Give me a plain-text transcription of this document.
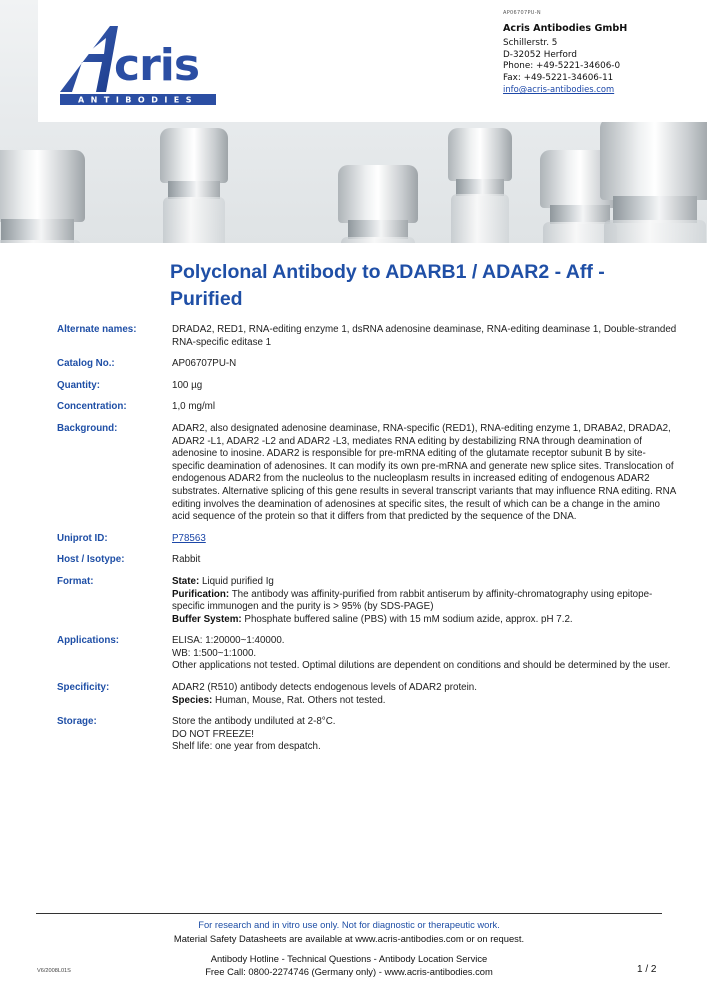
cris
ANTIBODIES
AP06707PU-N
Acris Antibodies GmbH
Schillerstr. 5
D-32052 Herford
Phone: +49-5221-34606-0
Fax: +49-5221-34606-11
info@acris-antibodies.com
Polyclonal Antibody to ADARB1 / ADAR2 - Aff - Purified
Alternate names:	DRADA2, RED1, RNA-editing enzyme 1, dsRNA adenosine deaminase, RNA-editing deaminase 1, Double-stranded RNA-specific editase 1
Catalog No.:	AP06707PU-N
Quantity:	100 µg
Concentration:	1,0 mg/ml
Background:	ADAR2, also designated adenosine deaminase, RNA-specific (RED1), RNA-editing enzyme 1, DRABA2, DRADA2, ADAR2 -L1, ADAR2 -L2 and ADAR2 -L3, mediates RNA editing by destabilizing RNA through deamination of adenosine to inosine. ADAR2 is responsible for pre-mRNA editing of the glutamate receptor subunit B by site-specific deamination of adenosines. It can modify its own pre-mRNA and generate new splice sites. Translocation of endogenous ADAR2 from the nucleolus to the nucleoplasm results in increased editing of endogenous ADAR2 substrates. Alternative splicing of this gene results in several transcript variants that may influence RNA editing. RNA editing involves the deamination of adenosines at specific sites, the result of which can be a change in the amino acid sequence of the protein so that it differs from that predicted by the sequence of the DNA.
Uniprot ID:	P78563
Host / Isotype:	Rabbit
Format:	State: Liquid purified Ig
Purification: The antibody was affinity-purified from rabbit antiserum by affinity-chromatography using epitope-specific immunogen and the purity is > 95% (by SDS-PAGE)
Buffer System: Phosphate buffered saline (PBS) with 15 mM sodium azide, approx. pH 7.2.
Applications:	ELISA: 1:20000~1:40000.
WB: 1:500~1:1000.
Other applications not tested. Optimal dilutions are dependent on conditions and should be determined by the user.
Specificity:	ADAR2 (R510) antibody detects endogenous levels of ADAR2 protein.
Species: Human, Mouse, Rat. Others not tested.
Storage:	Store the antibody undiluted at 2-8°C.
DO NOT FREEZE!
Shelf life: one year from despatch.
For research and in vitro use only. Not for diagnostic or therapeutic work.
Material Safety Datasheets are available at www.acris-antibodies.com or on request.
Antibody Hotline - Technical Questions - Antibody Location Service
Free Call: 0800-2274746 (Germany only) - www.acris-antibodies.com
V6/2008L01S	1 / 2
